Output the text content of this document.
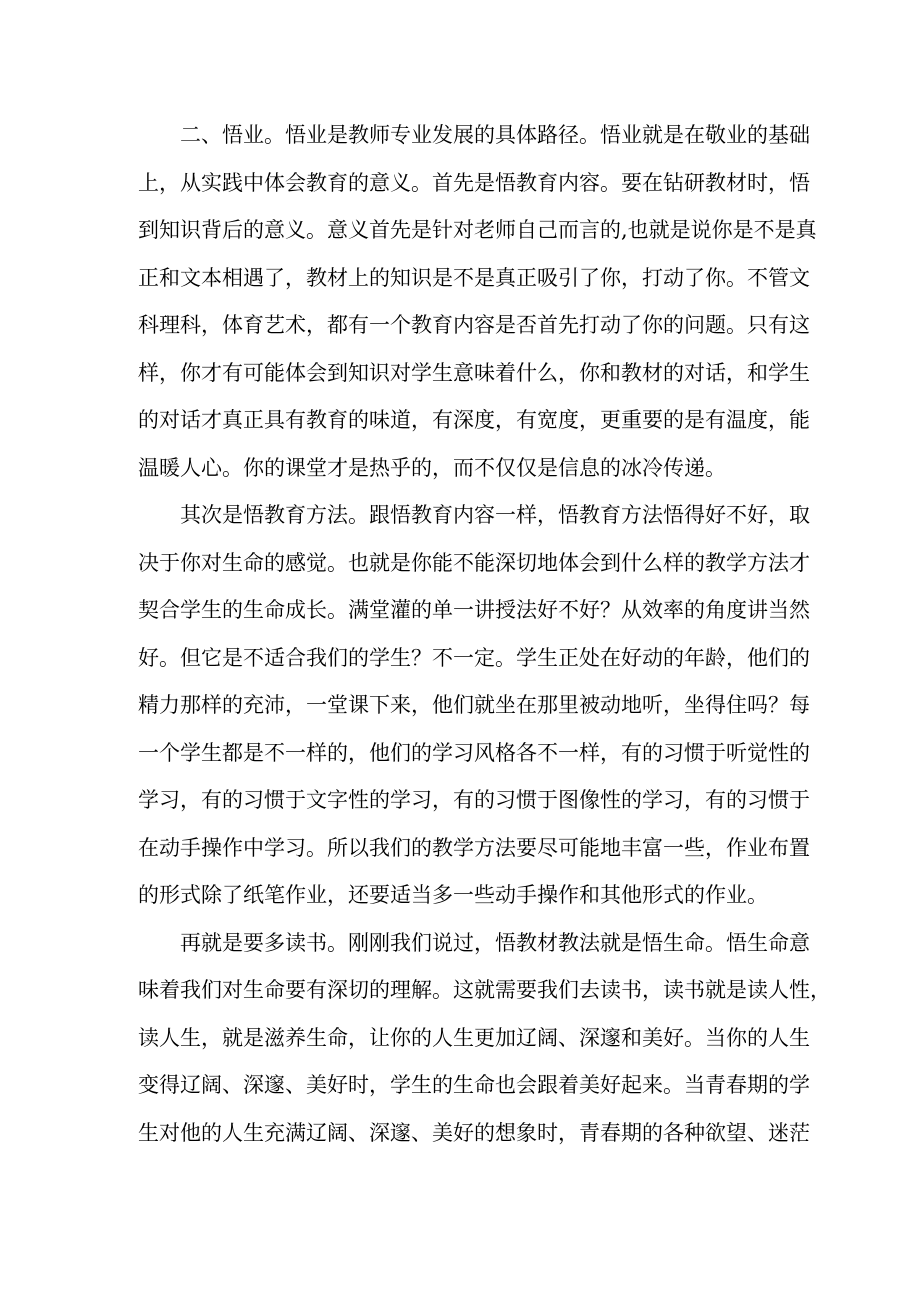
二、悟业。悟业是教师专业发展的具体路径。悟业就是在敬业的基础
上，从实践中体会教育的意义。首先是悟教育内容。要在钻研教材时，悟
到知识背后的意义。意义首先是针对老师自己而言的,也就是说你是不是真
正和文本相遇了，教材上的知识是不是真正吸引了你，打动了你。不管文
科理科，体育艺术，都有一个教育内容是否首先打动了你的问题。只有这
样，你才有可能体会到知识对学生意味着什么，你和教材的对话，和学生
的对话才真正具有教育的味道，有深度，有宽度，更重要的是有温度，能
温暖人心。你的课堂才是热乎的，而不仅仅是信息的冰冷传递。
其次是悟教育方法。跟悟教育内容一样，悟教育方法悟得好不好，取
决于你对生命的感觉。也就是你能不能深切地体会到什么样的教学方法才
契合学生的生命成长。满堂灌的单一讲授法好不好？从效率的角度讲当然
好。但它是不适合我们的学生？不一定。学生正处在好动的年龄，他们的
精力那样的充沛，一堂课下来，他们就坐在那里被动地听，坐得住吗？每
一个学生都是不一样的，他们的学习风格各不一样，有的习惯于听觉性的
学习，有的习惯于文字性的学习，有的习惯于图像性的学习，有的习惯于
在动手操作中学习。所以我们的教学方法要尽可能地丰富一些，作业布置
的形式除了纸笔作业，还要适当多一些动手操作和其他形式的作业。
再就是要多读书。刚刚我们说过，悟教材教法就是悟生命。悟生命意
味着我们对生命要有深切的理解。这就需要我们去读书，读书就是读人性，
读人生，就是滋养生命，让你的人生更加辽阔、深邃和美好。当你的人生
变得辽阔、深邃、美好时，学生的生命也会跟着美好起来。当青春期的学
生对他的人生充满辽阔、深邃、美好的想象时，青春期的各种欲望、迷茫
